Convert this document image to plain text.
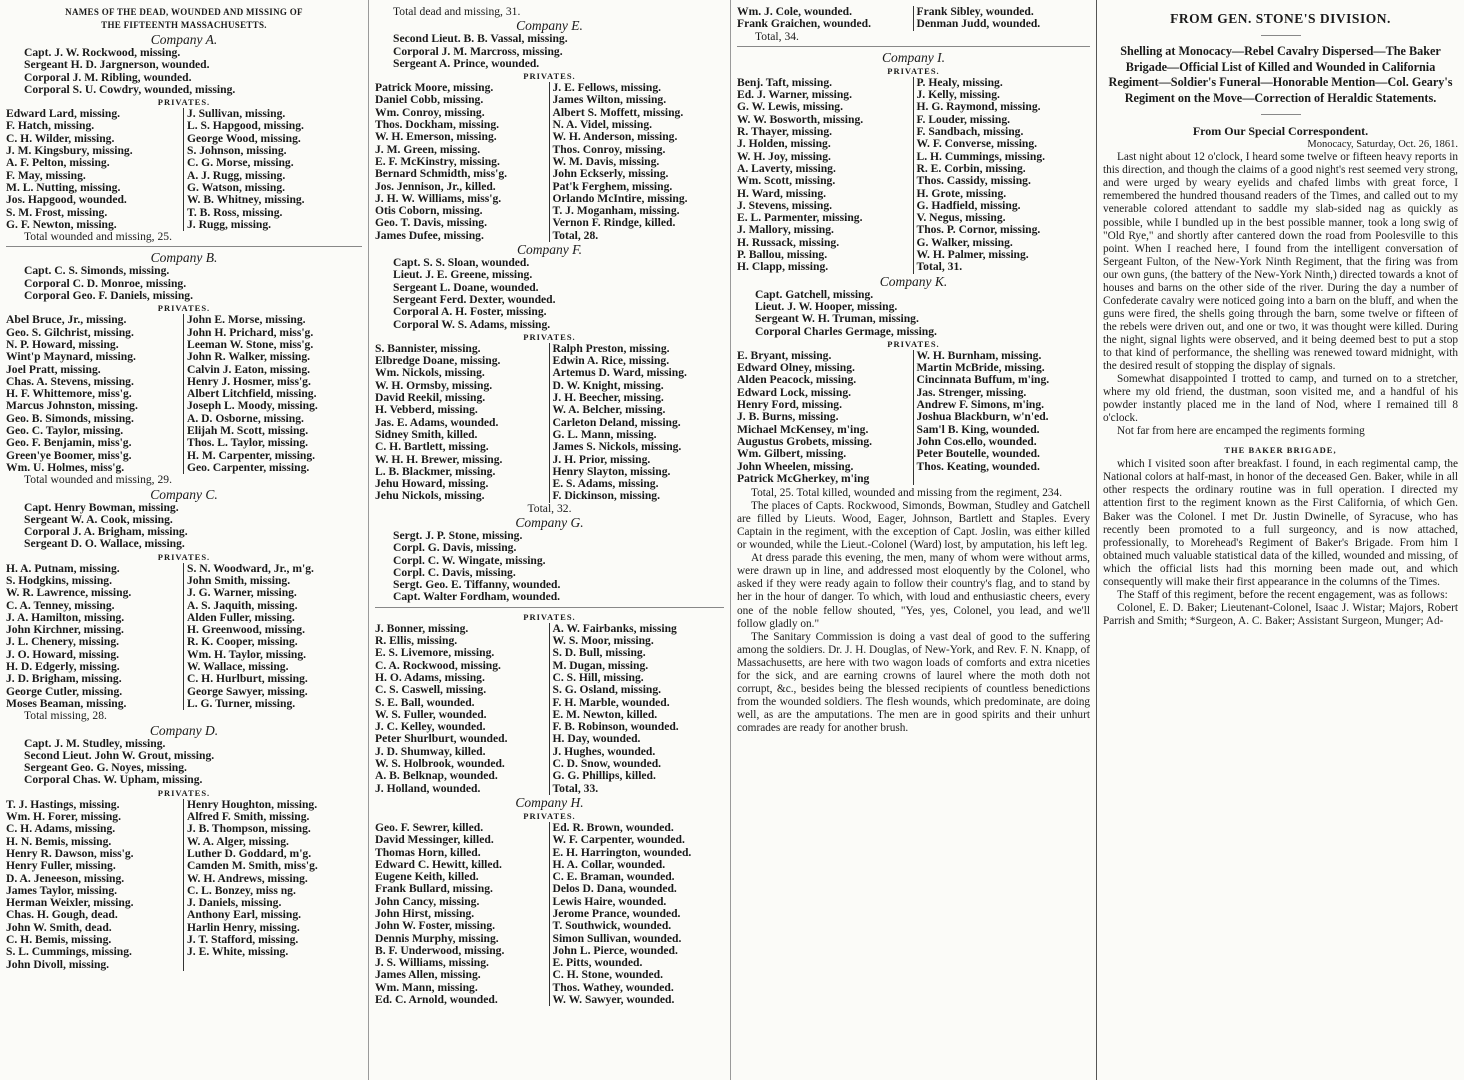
NAMES OF THE DEAD, WOUNDED AND MISSING OF
THE FIFTEENTH MASSACHUSETTS.
Company A.
Capt. J. W. Rockwood, missing.
Sergeant H. D. Jargnerson, wounded.
Corporal J. M. Ribling, wounded.
Corporal S. U. Cowdry, wounded, missing.
PRIVATES.
Edward Lard, missing.
F. Hatch, missing.
C. H. Wilder, missing.
J. M. Kingsbury, missing.
A. F. Pelton, missing.
F. May, missing.
M. L. Nutting, missing.
Jos. Hapgood, wounded.
S. M. Frost, missing.
G. F. Newton, missing.
J. Sullivan, missing.
L. S. Hapgood, missing.
George Wood, missing.
S. Johnson, missing.
C. G. Morse, missing.
A. J. Rugg, missing.
G. Watson, missing.
W. B. Whitney, missing.
T. B. Ross, missing.
J. Rugg, missing.
Total wounded and missing, 25.
Company B.
Capt. C. S. Simonds, missing.
Corporal C. D. Monroe, missing.
Corporal Geo. F. Daniels, missing.
PRIVATES.
Abel Bruce, Jr., missing.
Geo. S. Gilchrist, missing.
N. P. Howard, missing.
Wint'p Maynard, missing.
Joel Pratt, missing.
Chas. A. Stevens, missing.
H. F. Whittemore, miss'g.
Marcus Johnston, missing.
Geo. B. Simonds, missing.
Geo. C. Taylor, missing.
Geo. F. Benjamin, miss'g.
Green'ye Boomer, miss'g.
Wm. U. Holmes, miss'g.
John E. Morse, missing.
John H. Prichard, miss'g.
Leeman W. Stone, miss'g.
John R. Walker, missing.
Calvin J. Eaton, missing.
Henry J. Hosmer, miss'g.
Albert Litchfield, missing.
Joseph L. Moody, missing.
A. D. Osborne, missing.
Elijah M. Scott, missing.
Thos. L. Taylor, missing.
H. M. Carpenter, missing.
Geo. Carpenter, missing.
Total wounded and missing, 29.
Company C.
Capt. Henry Bowman, missing.
Sergeant W. A. Cook, missing.
Corporal J. A. Brigham, missing.
Sergeant D. O. Wallace, missing.
PRIVATES.
H. A. Putnam, missing.
S. Hodgkins, missing.
W. R. Lawrence, missing.
C. A. Tenney, missing.
J. A. Hamilton, missing.
John Kirchner, missing.
J. L. Chenery, missing.
J. O. Howard, missing.
H. D. Edgerly, missing.
J. D. Brigham, missing.
George Cutler, missing.
Moses Beaman, missing.
S. N. Woodward, Jr., m'g.
John Smith, missing.
J. G. Warner, missing.
A. S. Jaquith, missing.
Alden Fuller, missing.
H. Greenwood, missing.
R. K. Cooper, missing.
Wm. H. Taylor, missing.
W. Wallace, missing.
C. H. Hurlburt, missing.
George Sawyer, missing.
L. G. Turner, missing.
Total missing, 28.
Company D.
Capt. J. M. Studley, missing.
Second Lieut. John W. Grout, missing.
Sergeant Geo. G. Noyes, missing.
Corporal Chas. W. Upham, missing.
PRIVATES.
T. J. Hastings, missing.
Wm. H. Forer, missing.
C. H. Adams, missing.
H. N. Bemis, missing.
Henry R. Dawson, miss'g.
Henry Fuller, missing.
D. A. Jeneeson, missing.
James Taylor, missing.
Herman Weixler, missing.
Chas. H. Gough, dead.
John W. Smith, dead.
C. H. Bemis, missing.
S. L. Cummings, missing.
John Divoll, missing.
Henry Houghton, missing.
Alfred F. Smith, missing.
J. B. Thompson, missing.
W. A. Alger, missing.
Luther D. Goddard, m'g.
Camden M. Smith, miss'g.
W. H. Andrews, missing.
C. L. Bonzey, miss ng.
J. Daniels, missing.
Anthony Earl, missing.
Harlin Henry, missing.
J. T. Stafford, missing.
J. E. White, missing.

Total dead and missing, 31.
Company E.
Second Lieut. B. B. Vassal, missing.
Corporal J. M. Marcross, missing.
Sergeant A. Prince, wounded.
PRIVATES.
Patrick Moore, missing.
Daniel Cobb, missing.
Wm. Conroy, missing.
Thos. Dockham, missing.
W. H. Emerson, missing.
J. M. Green, missing.
E. F. McKinstry, missing.
Bernard Schmidth, miss'g.
Jos. Jennison, Jr., killed.
J. H. W. Williams, miss'g.
Otis Coborn, missing.
Geo. T. Davis, missing.
James Dufee, missing.
J. E. Fellows, missing.
James Wilton, missing.
Albert S. Moffett, missing.
N. A. Videl, missing.
W. H. Anderson, missing.
Thos. Conroy, missing.
W. M. Davis, missing.
John Eckserly, missing.
Pat'k Ferghem, missing.
Orlando McIntire, missing.
T. J. Moganham, missing.
Vernon F. Rindge, killed.
Total, 28.
Company F.
Capt. S. S. Sloan, wounded.
Lieut. J. E. Greene, missing.
Sergeant L. Doane, wounded.
Sergeant Ferd. Dexter, wounded.
Corporal A. H. Foster, missing.
Corporal W. S. Adams, missing.
PRIVATES.
S. Bannister, missing.
Elbredge Doane, missing.
Wm. Nickols, missing.
W. H. Ormsby, missing.
David Reekil, missing.
H. Vebberd, missing.
Jas. E. Adams, wounded.
Sidney Smith, killed.
C. H. Bartlett, missing.
W. H. H. Brewer, missing.
L. B. Blackmer, missing.
Jehu Howard, missing.
Jehu Nickols, missing.
Ralph Preston, missing.
Edwin A. Rice, missing.
Artemus D. Ward, missing.
D. W. Knight, missing.
J. H. Beecher, missing.
W. A. Belcher, missing.
Carleton Deland, missing.
G. L. Mann, missing.
James S. Nickols, missing.
J. H. Prior, missing.
Henry Slayton, missing.
E. S. Adams, missing.
F. Dickinson, missing.
Total, 32.
Company G.
Sergt. J. P. Stone, missing.
Corpl. G. Davis, missing.
Corpl. C. W. Wingate, missing.
Corpl. C. Davis, missing.
Sergt. Geo. E. Tiffanny, wounded.
Capt. Walter Fordham, wounded.
PRIVATES.
J. Bonner, missing.
R. Ellis, missing.
E. S. Livemore, missing.
C. A. Rockwood, missing.
H. O. Adams, missing.
C. S. Caswell, missing.
S. E. Ball, wounded.
W. S. Fuller, wounded.
J. C. Kelley, wounded.
Peter Shurlburt, wounded.
J. D. Shumway, killed.
W. S. Holbrook, wounded.
A. B. Belknap, wounded.
J. Holland, wounded.
A. W. Fairbanks, missing
W. S. Moor, missing.
S. D. Bull, missing.
M. Dugan, missing.
C. S. Hill, missing.
S. G. Osland, missing.
F. H. Marble, wounded.
E. M. Newton, killed.
F. B. Robinson, wounded.
H. Day, wounded.
J. Hughes, wounded.
C. D. Snow, wounded.
G. G. Phillips, killed.
Total, 33.
Company H.
PRIVATES.
Geo. F. Sewrer, killed.
David Messinger, killed.
Thomas Horn, killed.
Edward C. Hewitt, killed.
Eugene Keith, killed.
Frank Bullard, missing.
John Cancy, missing.
John Hirst, missing.
John W. Foster, missing.
Dennis Murphy, missing.
B. F. Underwood, missing.
J. S. Williams, missing.
James Allen, missing.
Wm. Mann, missing.
Ed. C. Arnold, wounded.
Ed. R. Brown, wounded.
W. F. Carpenter, wounded.
E. H. Harrington, wounded.
H. A. Collar, wounded.
C. E. Braman, wounded.
Delos D. Dana, wounded.
Lewis Haire, wounded.
Jerome Prance, wounded.
T. Southwick, wounded.
Simon Sullivan, wounded.
John L. Pierce, wounded.
E. Pitts, wounded.
C. H. Stone, wounded.
Thos. Wathey, wounded.
W. W. Sawyer, wounded.
Wm. J. Cole, wounded.
Frank Graichen, wounded.
Frank Sibley, wounded.
Denman Judd, wounded.
Total, 34.
Company I.
PRIVATES.
Benj. Taft, missing.
Ed. J. Warner, missing.
G. W. Lewis, missing.
W. W. Bosworth, missing.
R. Thayer, missing.
J. Holden, missing.
W. H. Joy, missing.
A. Laverty, missing.
Wm. Scott, missing.
H. Ward, missing.
J. Stevens, missing.
E. L. Parmenter, missing.
J. Mallory, missing.
H. Russack, missing.
P. Ballou, missing.
H. Clapp, missing.
P. Healy, missing.
J. Kelly, missing.
H. G. Raymond, missing.
F. Louder, missing.
F. Sandbach, missing.
W. F. Converse, missing.
L. H. Cummings, missing.
R. E. Corbin, missing.
Thos. Cassidy, missing.
H. Grote, missing.
G. Hadfield, missing.
V. Negus, missing.
Thos. P. Cornor, missing.
G. Walker, missing.
W. H. Palmer, missing.
Total, 31.
Company K.
Capt. Gatchell, missing.
Lieut. J. W. Hooper, missing.
Sergeant W. H. Truman, missing.
Corporal Charles Germage, missing.
PRIVATES.
E. Bryant, missing.
Edward Olney, missing.
Alden Peacock, missing.
Edward Lock, missing.
Henry Ford, missing.
J. B. Burns, missing.
Michael McKensey, m'ing.
Augustus Grobets, missing.
Wm. Gilbert, missing.
John Wheelen, missing.
Patrick McGherkey, m'ing
W. H. Burnham, missing.
Martin McBride, missing.
Cincinnata Buffum, m'ing.
Jas. Strenger, missing.
Andrew F. Simons, m'ing.
Joshua Blackburn, w'n'ed.
Sam'l B. King, wounded.
John Cos.ello, wounded.
Peter Boutelle, wounded.
Thos. Keating, wounded.

Total, 25. Total killed, wounded and missing from the regiment, 234.
The places of Capts. Rockwood, Simonds, Bowman, Studley and Gatchell are filled by Lieuts. Wood, Eager, Johnson, Bartlett and Staples. Every Captain in the regiment, with the exception of Capt. Joslin, was either killed or wounded, while the Lieut.-Colonel (Ward) lost, by amputation, his left leg.
At dress parade this evening, the men, many of whom were without arms, were drawn up in line, and addressed most eloquently by the Colonel, who asked if they were ready again to follow their country's flag, and to stand by her in the hour of danger. To which, with loud and enthusiastic cheers, every one of the noble fellow shouted, "Yes, yes, Colonel, you lead, and we'll follow gladly on."
The Sanitary Commission is doing a vast deal of good to the suffering among the soldiers. Dr. J. H. Douglas, of New-York, and Rev. F. N. Knapp, of Massachusetts, are here with two wagon loads of comforts and extra niceties for the sick, and are earning crowns of laurel where the moth doth not corrupt, &c., besides being the blessed recipients of countless benedictions from the wounded soldiers. The flesh wounds, which predominate, are doing well, as are the amputations. The men are in good spirits and their unhurt comrades are ready for another brush.
FROM GEN. STONE'S DIVISION.
Shelling at Monocacy—Rebel Cavalry Dispersed—The Baker Brigade—Official List of Killed and Wounded in California Regiment—Soldier's Funeral—Honorable Mention—Col. Geary's Regiment on the Move—Correction of Heraldic Statements.
From Our Special Correspondent.
Monocacy, Saturday, Oct. 26, 1861.
Last night about 12 o'clock, I heard some twelve or fifteen heavy reports in this direction, and though the claims of a good night's rest seemed very strong, and were urged by weary eyelids and chafed limbs with great force, I remembered the hundred thousand readers of the Times, and called out to my venerable colored attendant to saddle my slab-sided nag as quickly as possible, while I bundled up in the best possible manner, took a long swig of "Old Rye," and shortly after cantered down the road from Poolesville to this point. When I reached here, I found from the intelligent conversation of Sergeant Fulton, of the New-York Ninth Regiment, that the firing was from our own guns, (the battery of the New-York Ninth,) directed towards a knot of houses and barns on the other side of the river. During the day a number of Confederate cavalry were noticed going into a barn on the bluff, and when the guns were fired, the shells going through the barn, some twelve or fifteen of the rebels were driven out, and one or two, it was thought were killed. During the night, signal lights were observed, and it being deemed best to put a stop to that kind of performance, the shelling was renewed toward midnight, with the desired result of stopping the display of signals.
Somewhat disappointed I trotted to camp, and turned on to a stretcher, where my old friend, the dustman, soon visited me, and a handful of his powder instantly placed me in the land of Nod, where I remained till 8 o'clock.
Not far from here are encamped the regiments forming
THE BAKER BRIGADE,
which I visited soon after breakfast. I found, in each regimental camp, the National colors at half-mast, in honor of the deceased Gen. Baker, while in all other respects the ordinary routine was in full operation. I directed my attention first to the regiment known as the First California, of which Gen. Baker was the Colonel. I met Dr. Justin Dwinelle, of Syracuse, who has recently been promoted to a full surgeoncy, and is now attached, professionally, to Morehead's Regiment of Baker's Brigade. From him I obtained much valuable statistical data of the killed, wounded and missing, of which the official lists had this morning been made out, and which consequently will make their first appearance in the columns of the Times.
The Staff of this regiment, before the recent engagement, was as follows:
Colonel, E. D. Baker; Lieutenant-Colonel, Isaac J. Wistar; Majors, Robert Parrish and Smith; *Surgeon, A. C. Baker; Assistant Surgeon, Munger; Ad-
